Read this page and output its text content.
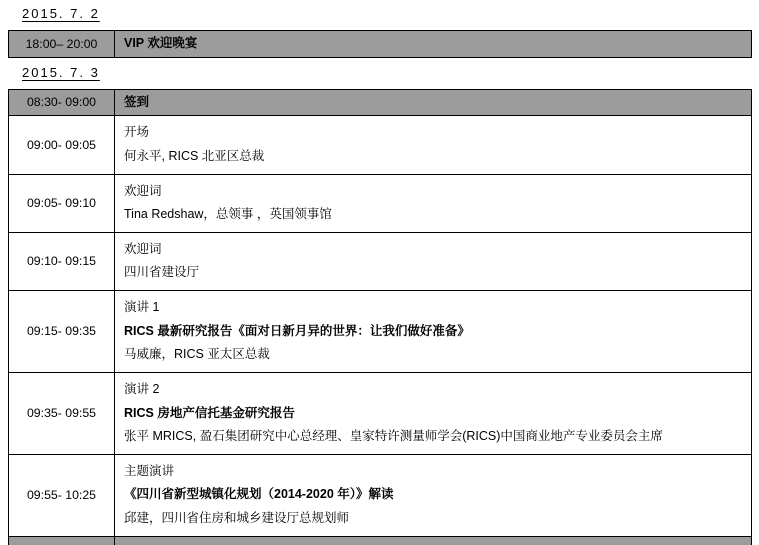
2015. 7. 2
18:00– 20:00	VIP 欢迎晚宴

2015. 7. 3
08:30- 09:00	签到

09:00- 09:05	开场

何永平, RICS 北亚区总裁

09:05- 09:10	欢迎词

Tina Redshaw，总领事 ，英国领事馆

09:10- 09:15	欢迎词

四川省建设厅

09:15- 09:35	演讲 1

RICS 最新研究报告《面对日新月异的世界：让我们做好准备》

马威廉，RICS 亚太区总裁

09:35- 09:55	演讲 2

RICS 房地产信托基金研究报告

张平 MRICS, 盈石集团研究中心总经理、皇家特许测量师学会(RICS)中国商业地产专业委员会主席

09:55- 10:25	主题演讲

《四川省新型城镇化规划（2014-2020 年）》解读

邱建，四川省住房和城乡建设厅总规划师
